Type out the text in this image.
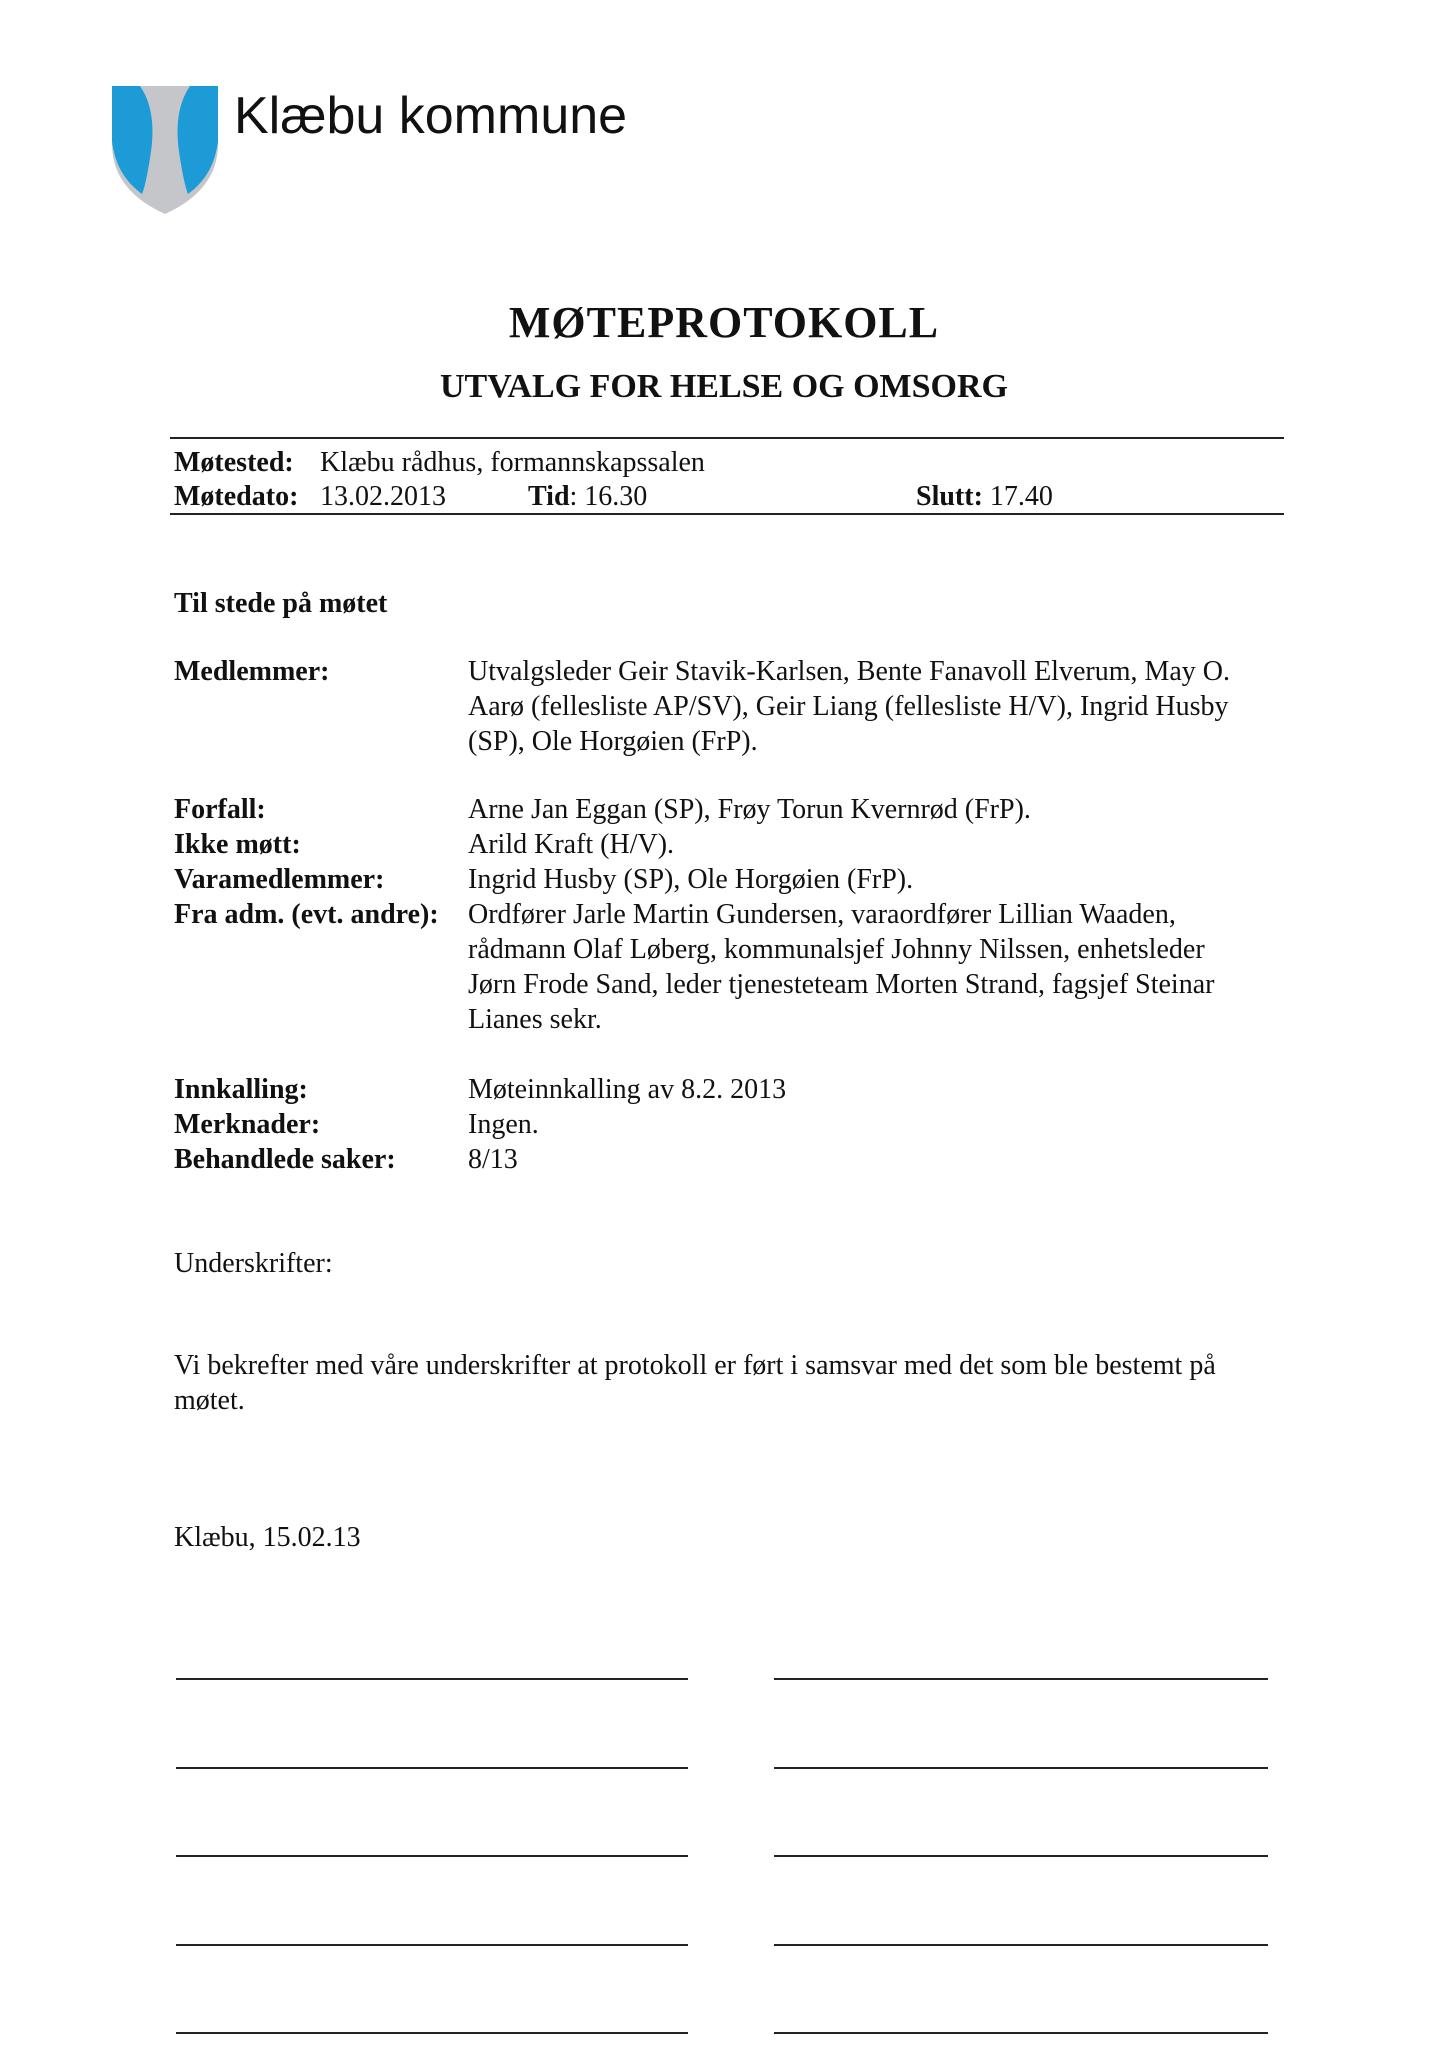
Klæbu kommune
MØTEPROTOKOLL
UTVALG FOR HELSE OG OMSORG
Møtested: Klæbu rådhus, formannskapssalen
Møtedato: 13.02.2013	Tid: 16.30	Slutt: 17.40
Til stede på møtet
Medlemmer:	Utvalgsleder Geir Stavik-Karlsen, Bente Fanavoll Elverum, May O.
Aarø (fellesliste AP/SV), Geir Liang (fellesliste H/V), Ingrid Husby
(SP), Ole Horgøien (FrP).
Forfall:	Arne Jan Eggan (SP), Frøy Torun Kvernrød (FrP).
Ikke møtt:	Arild Kraft (H/V).
Varamedlemmer:	Ingrid Husby (SP), Ole Horgøien (FrP).
Fra adm. (evt. andre): Ordfører Jarle Martin Gundersen, varaordfører Lillian Waaden,
rådmann Olaf Løberg, kommunalsjef Johnny Nilssen, enhetsleder
Jørn Frode Sand, leder tjenesteteam Morten Strand, fagsjef Steinar
Lianes sekr.
Innkalling:	Møteinnkalling av 8.2. 2013
Merknader:	Ingen.
Behandlede saker:	8/13
Underskrifter:
Vi bekrefter med våre underskrifter at protokoll er ført i samsvar med det som ble bestemt på
møtet.
Klæbu, 15.02.13
